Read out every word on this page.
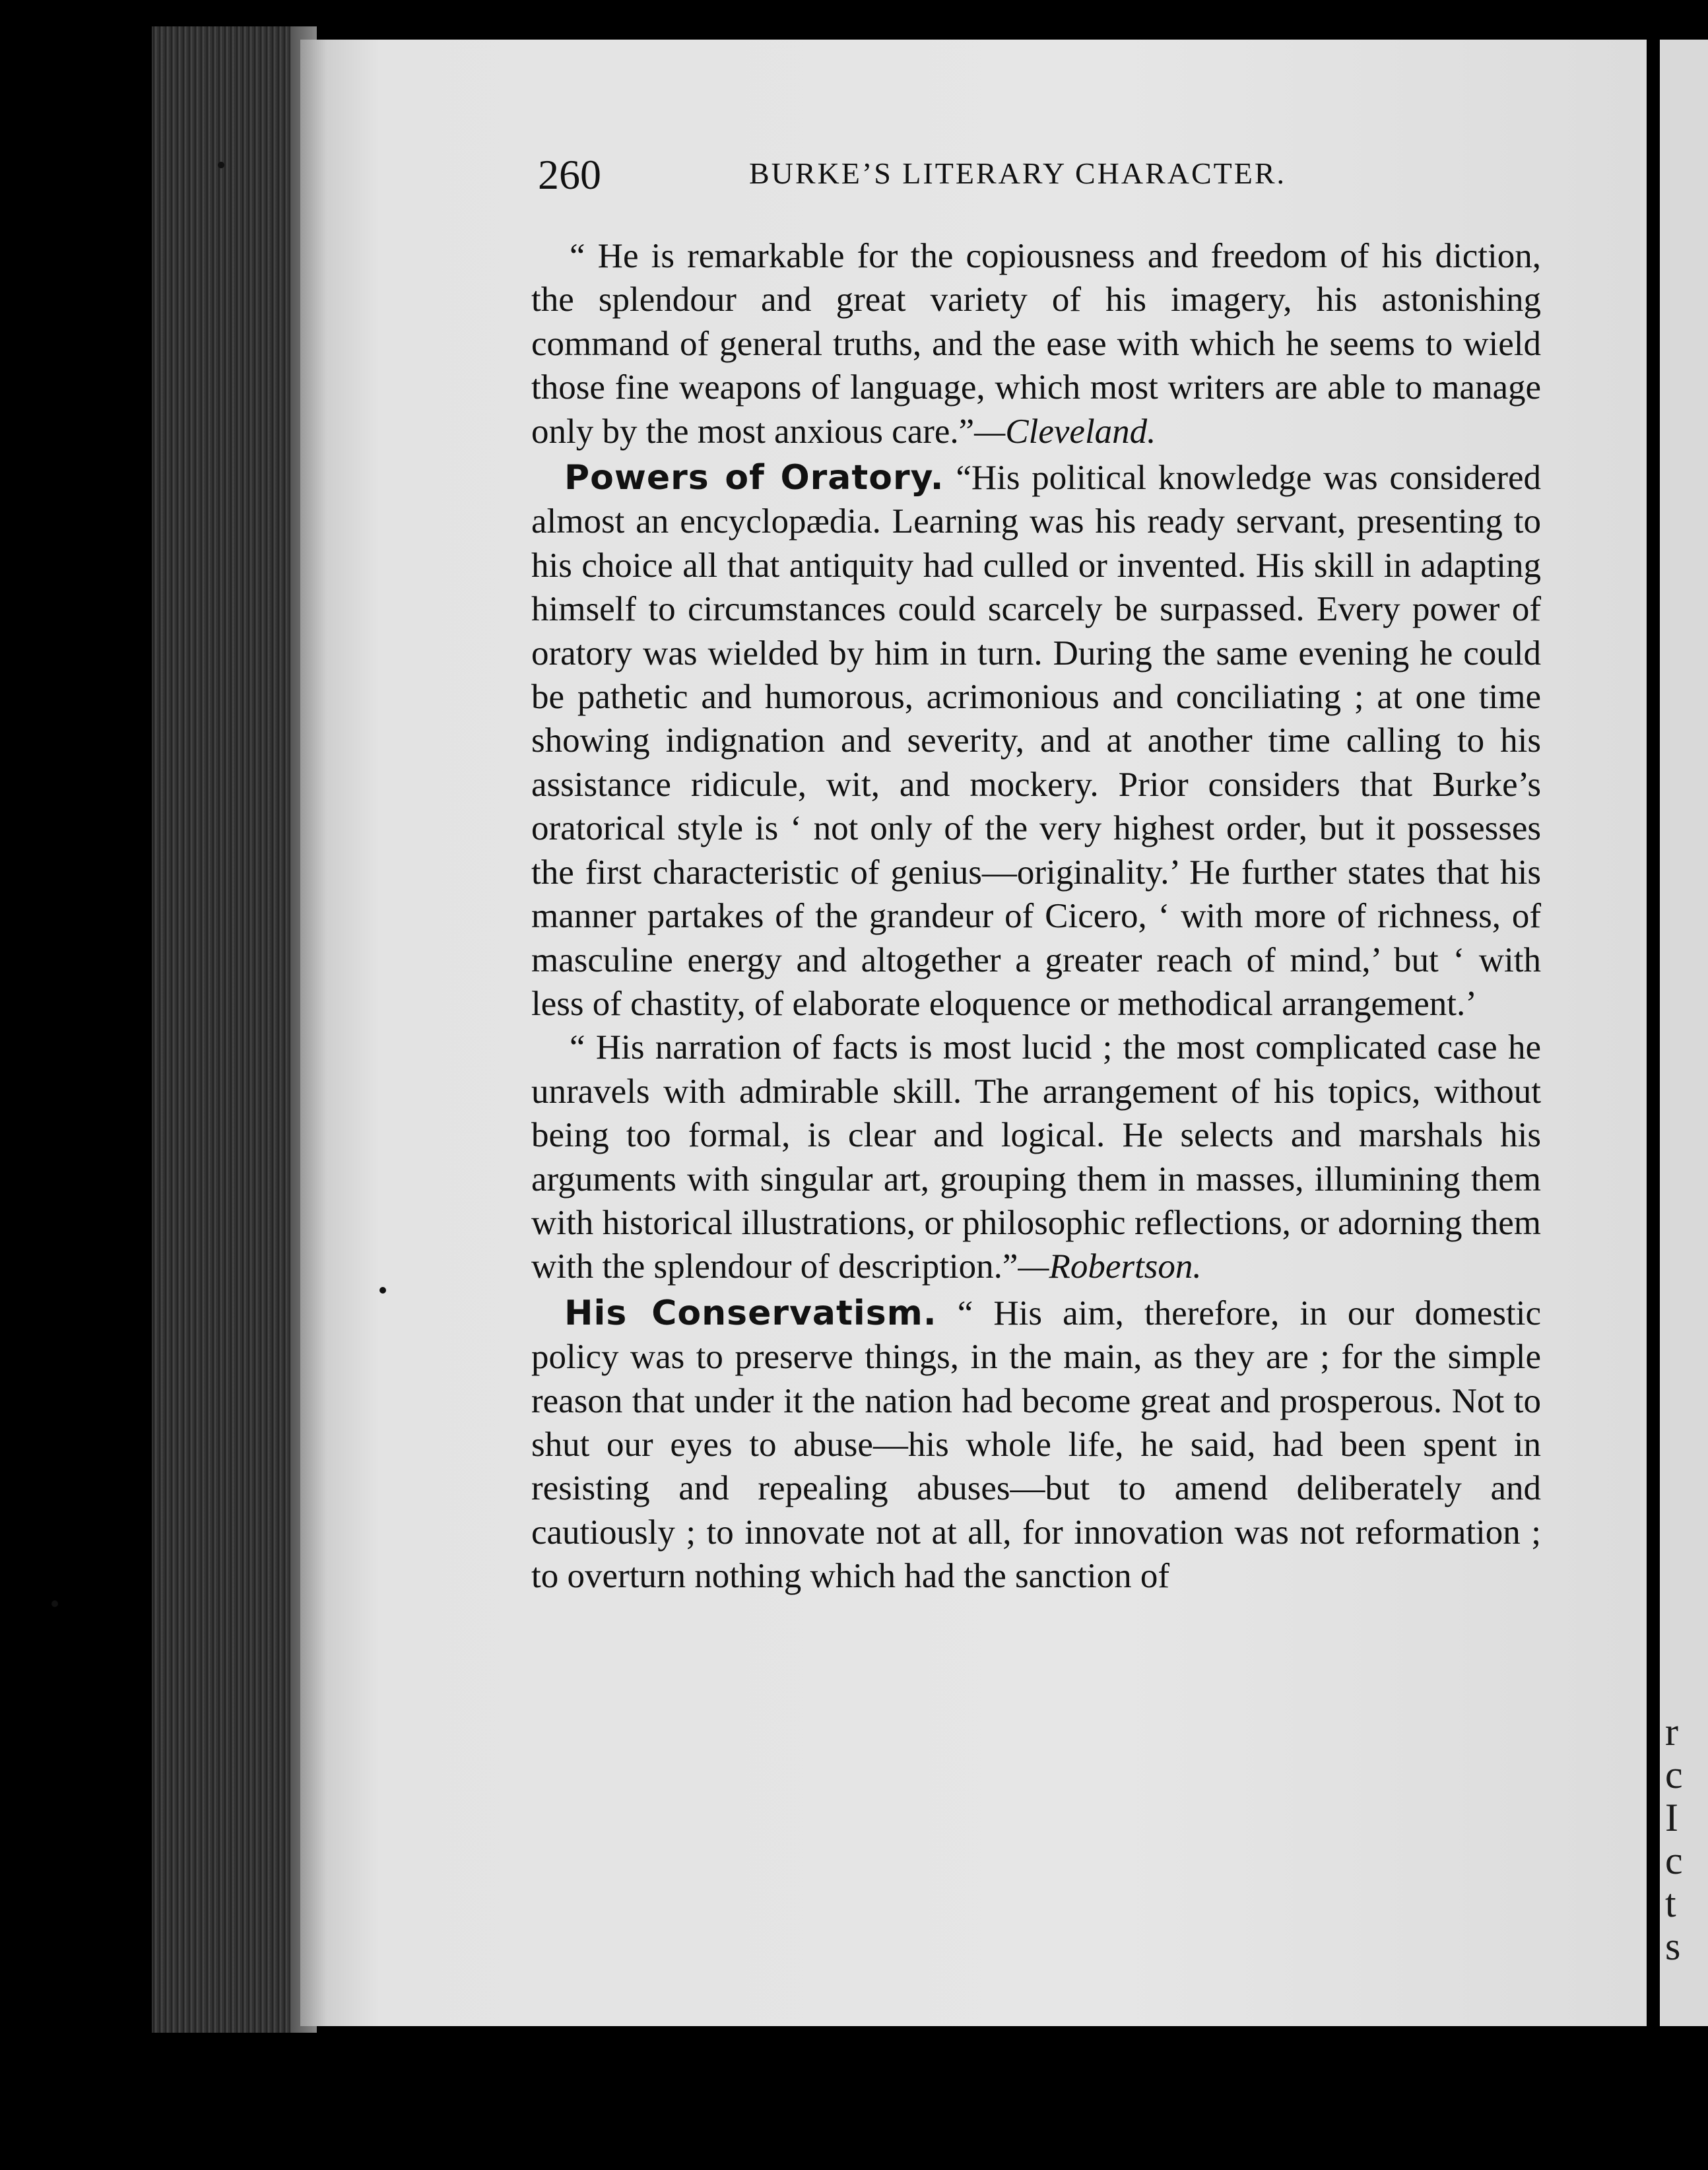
r
c
I
c
t
s
260	BURKE’S LITERARY CHARACTER.

“ He is remarkable for the copiousness and freedom of his diction, the splendour and great variety of his imagery, his astonishing command of general truths, and the ease with which he seems to wield those fine weapons of language, which most writers are able to manage only by the most anxious care.”—Cleveland.

Powers of Oratory. “His political knowledge was considered almost an encyclopædia. Learning was his ready servant, presenting to his choice all that antiquity had culled or invented. His skill in adapting himself to circumstances could scarcely be surpassed. Every power of oratory was wielded by him in turn. During the same evening he could be pathetic and humorous, acrimonious and conciliating ; at one time showing indignation and severity, and at another time calling to his assistance ridicule, wit, and mockery. Prior considers that Burke’s oratorical style is ‘ not only of the very highest order, but it possesses the first characteristic of genius—originality.’ He further states that his manner partakes of the grandeur of Cicero, ‘ with more of richness, of masculine energy and altogether a greater reach of mind,’ but ‘ with less of chastity, of elaborate eloquence or methodical arrangement.’

“ His narration of facts is most lucid ; the most complicated case he unravels with admirable skill. The arrangement of his topics, without being too formal, is clear and logical. He selects and marshals his arguments with singular art, grouping them in masses, illumining them with historical illustrations, or philosophic reflections, or adorning them with the splendour of description.”—Robertson.

His Conservatism. “ His aim, therefore, in our domestic policy was to preserve things, in the main, as they are ; for the simple reason that under it the nation had become great and prosperous. Not to shut our eyes to abuse—his whole life, he said, had been spent in resisting and repealing abuses—but to amend deliberately and cautiously ; to innovate not at all, for innovation was not reformation ; to overturn nothing which had the sanction of
